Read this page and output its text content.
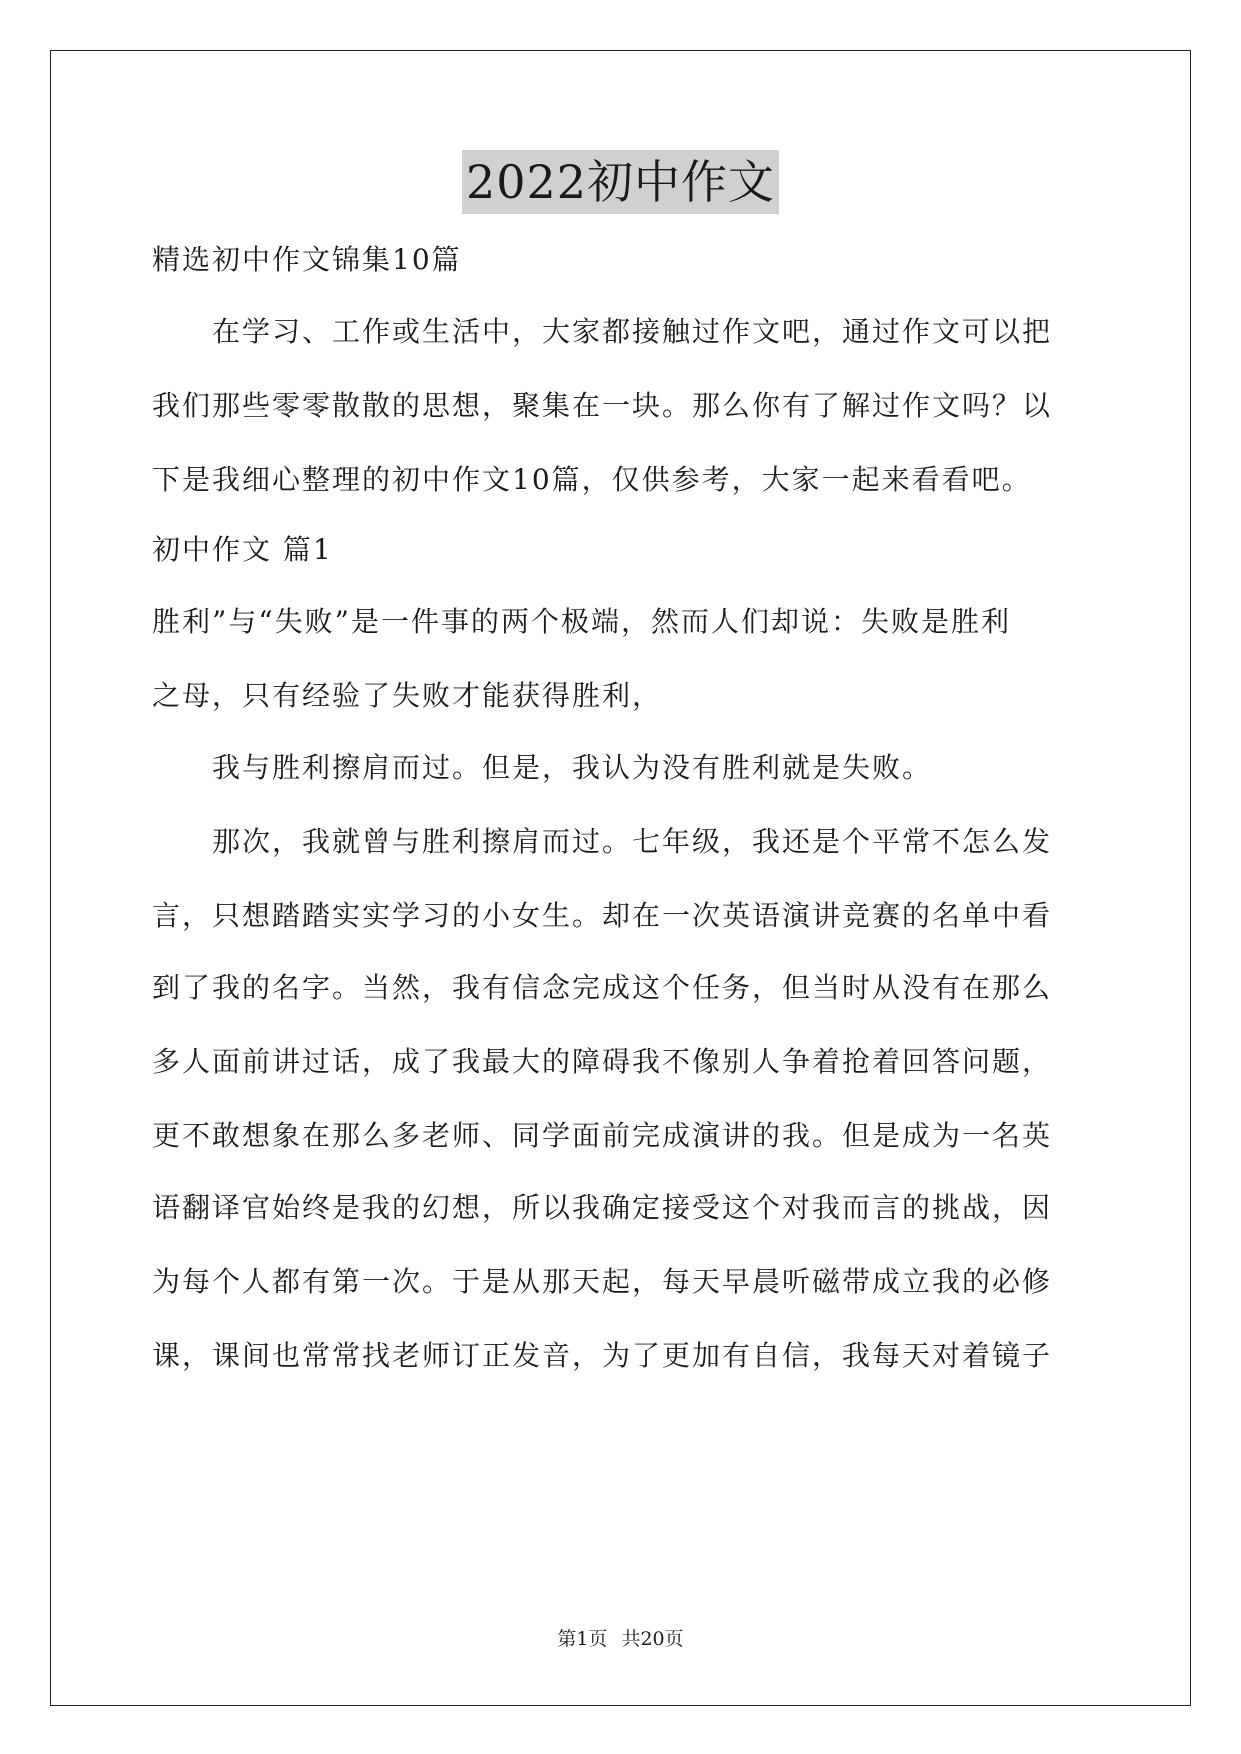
2022初中作文
精选初中作文锦集10篇
　　在学习、工作或生活中，大家都接触过作文吧，通过作文可以把
我们那些零零散散的思想，聚集在一块。那么你有了解过作文吗？以
下是我细心整理的初中作文10篇，仅供参考，大家一起来看看吧。
初中作文 篇1
胜利”与“失败”是一件事的两个极端，然而人们却说：失败是胜利
之母，只有经验了失败才能获得胜利，
　　我与胜利擦肩而过。但是，我认为没有胜利就是失败。
　　那次，我就曾与胜利擦肩而过。七年级，我还是个平常不怎么发
言，只想踏踏实实学习的小女生。却在一次英语演讲竞赛的名单中看
到了我的名字。当然，我有信念完成这个任务，但当时从没有在那么
多人面前讲过话，成了我最大的障碍我不像别人争着抢着回答问题，
更不敢想象在那么多老师、同学面前完成演讲的我。但是成为一名英
语翻译官始终是我的幻想，所以我确定接受这个对我而言的挑战，因
为每个人都有第一次。于是从那天起，每天早晨听磁带成立我的必修
课，课间也常常找老师订正发音，为了更加有自信，我每天对着镜子
第1页 共20页
